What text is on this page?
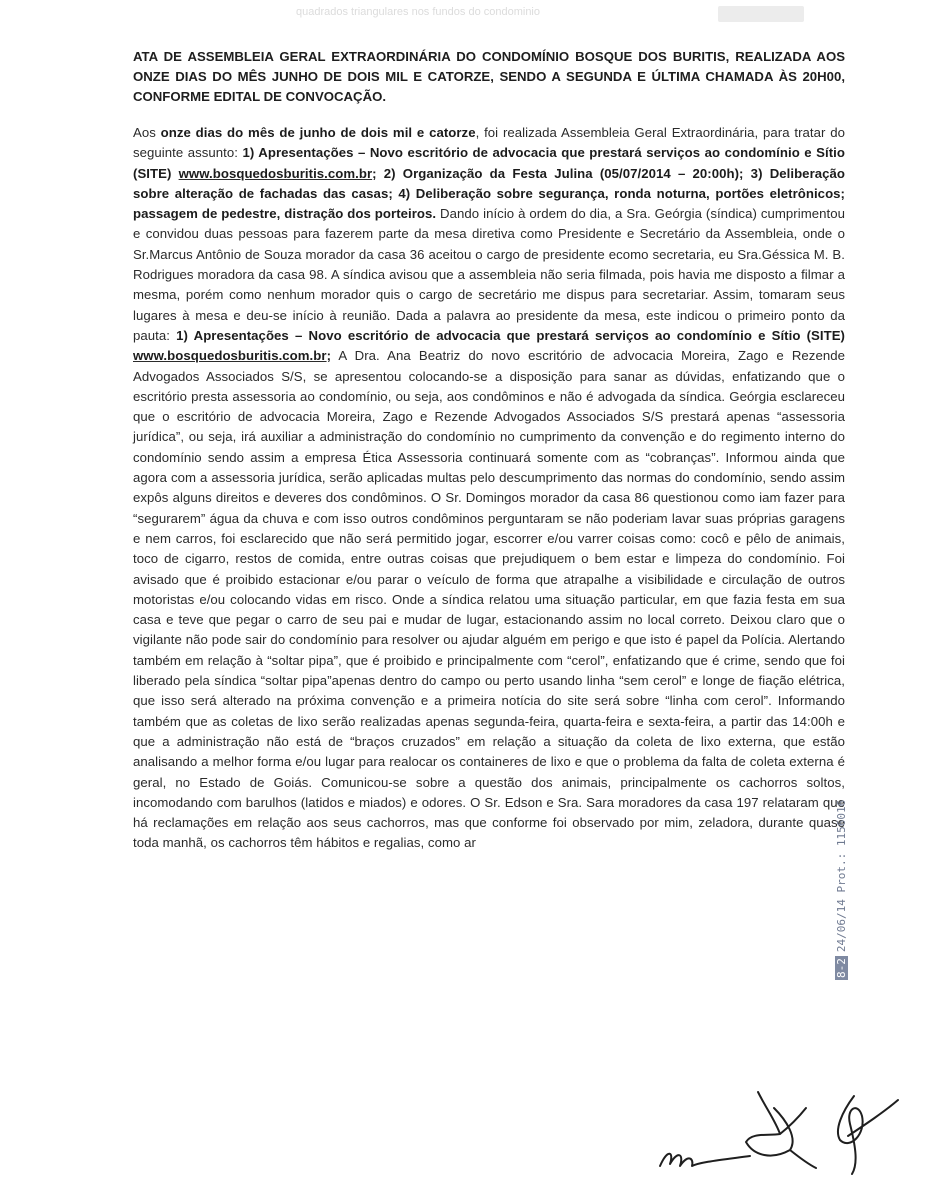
quadrados triangulares nos fundos do condominio

ATA DE ASSEMBLEIA GERAL EXTRAORDINÁRIA DO CONDOMÍNIO BOSQUE DOS BURITIS, REALIZADA AOS ONZE DIAS DO MÊS JUNHO DE DOIS MIL E CATORZE, SENDO A SEGUNDA E ÚLTIMA CHAMADA ÀS 20H00, CONFORME EDITAL DE CONVOCAÇÃO.

Aos onze dias do mês de junho de dois mil e catorze, foi realizada Assembleia Geral Extraordinária, para tratar do seguinte assunto: 1) Apresentações – Novo escritório de advocacia que prestará serviços ao condomínio e Sítio (SITE) www.bosquedosburitis.com.br; 2) Organização da Festa Julina (05/07/2014 – 20:00h); 3) Deliberação sobre alteração de fachadas das casas; 4) Deliberação sobre segurança, ronda noturna, portões eletrônicos; passagem de pedestre, distração dos porteiros. Dando início à ordem do dia, a Sra. Geórgia (síndica) cumprimentou e convidou duas pessoas para fazerem parte da mesa diretiva como Presidente e Secretário da Assembleia, onde o Sr.Marcus Antônio de Souza morador da casa 36 aceitou o cargo de presidente ecomo secretaria, eu Sra.Géssica M. B. Rodrigues moradora da casa 98. A síndica avisou que a assembleia não seria filmada, pois havia me disposto a filmar a mesma, porém como nenhum morador quis o cargo de secretário me dispus para secretariar. Assim, tomaram seus lugares à mesa e deu-se início à reunião. Dada a palavra ao presidente da mesa, este indicou o primeiro ponto da pauta: 1) Apresentações – Novo escritório de advocacia que prestará serviços ao condomínio e Sítio (SITE) www.bosquedosburitis.com.br; A Dra. Ana Beatriz do novo escritório de advocacia Moreira, Zago e Rezende Advogados Associados S/S, se apresentou colocando-se a disposição para sanar as dúvidas, enfatizando que o escritório presta assessoria ao condomínio, ou seja, aos condôminos e não é advogada da síndica. Geórgia esclareceu que o escritório de advocacia Moreira, Zago e Rezende Advogados Associados S/S prestará apenas “assessoria jurídica”, ou seja, irá auxiliar a administração do condomínio no cumprimento da convenção e do regimento interno do condomínio sendo assim a empresa Ética Assessoria continuará somente com as “cobranças”. Informou ainda que agora com a assessoria jurídica, serão aplicadas multas pelo descumprimento das normas do condomínio, sendo assim expôs alguns direitos e deveres dos condôminos. O Sr. Domingos morador da casa 86 questionou como iam fazer para “segurarem” água da chuva e com isso outros condôminos perguntaram se não poderiam lavar suas próprias garagens e nem carros, foi esclarecido que não será permitido jogar, escorrer e/ou varrer coisas como: cocô e pêlo de animais, toco de cigarro, restos de comida, entre outras coisas que prejudiquem o bem estar e limpeza do condomínio. Foi avisado que é proibido estacionar e/ou parar o veículo de forma que atrapalhe a visibilidade e circulação de outros motoristas e/ou colocando vidas em risco. Onde a síndica relatou uma situação particular, em que fazia festa em sua casa e teve que pegar o carro de seu pai e mudar de lugar, estacionando assim no local correto. Deixou claro que o vigilante não pode sair do condomínio para resolver ou ajudar alguém em perigo e que isto é papel da Polícia. Alertando também em relação à “soltar pipa”, que é proibido e principalmente com “cerol”, enfatizando que é crime, sendo que foi liberado pela síndica “soltar pipa”apenas dentro do campo ou perto usando linha “sem cerol” e longe de fiação elétrica, que isso será alterado na próxima convenção e a primeira notícia do site será sobre “linha com cerol”. Informando também que as coletas de lixo serão realizadas apenas segunda-feira, quarta-feira e sexta-feira, a partir das 14:00h e que a administração não está de “braços cruzados” em relação a situação da coleta de lixo externa, que estão analisando a melhor forma e/ou lugar para realocar os containeres de lixo e que o problema da falta de coleta externa é geral, no Estado de Goiás. Comunicou-se sobre a questão dos animais, principalmente os cachorros soltos, incomodando com barulhos (latidos e miados) e odores. O Sr. Edson e Sra. Sara moradores da casa 197 relataram que há reclamações em relação aos seus cachorros, mas que conforme foi observado por mim, zeladora, durante quase toda manhã, os cachorros têm hábitos e regalias, como ar

8-224/06/14 Prot.: 1156016
